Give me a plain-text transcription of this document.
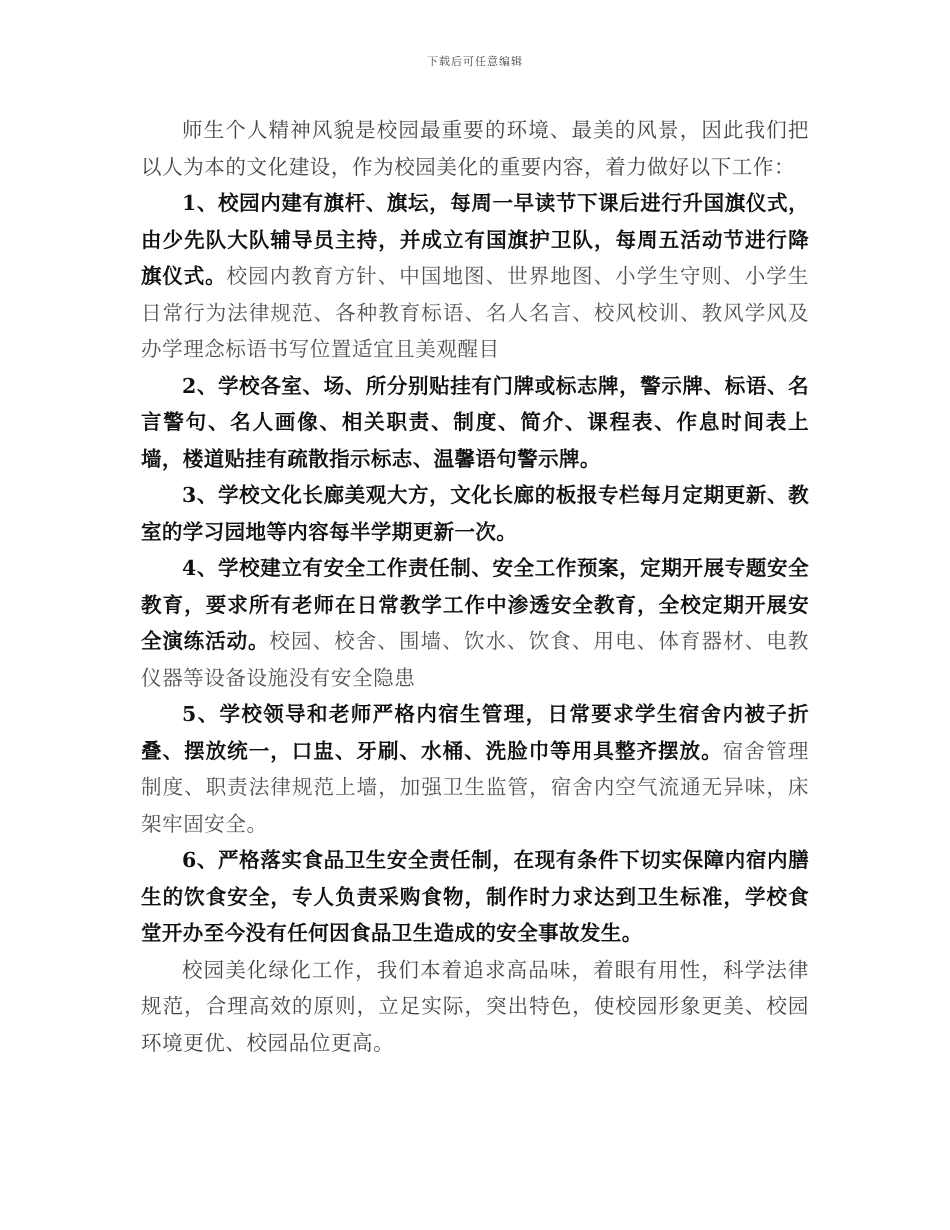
下载后可任意编辑

师生个人精神风貌是校园最重要的环境、最美的风景，因此我们把以人为本的文化建设，作为校园美化的重要内容，着力做好以下工作：

1、校园内建有旗杆、旗坛，每周一早读节下课后进行升国旗仪式，由少先队大队辅导员主持，并成立有国旗护卫队，每周五活动节进行降旗仪式。校园内教育方针、中国地图、世界地图、小学生守则、小学生日常行为法律规范、各种教育标语、名人名言、校风校训、教风学风及办学理念标语书写位置适宜且美观醒目

2、学校各室、场、所分别贴挂有门牌或标志牌，警示牌、标语、名言警句、名人画像、相关职责、制度、简介、课程表、作息时间表上墙，楼道贴挂有疏散指示标志、温馨语句警示牌。

3、学校文化长廊美观大方，文化长廊的板报专栏每月定期更新、教室的学习园地等内容每半学期更新一次。

4、学校建立有安全工作责任制、安全工作预案，定期开展专题安全教育，要求所有老师在日常教学工作中渗透安全教育，全校定期开展安全演练活动。校园、校舍、围墙、饮水、饮食、用电、体育器材、电教仪器等设备设施没有安全隐患

5、学校领导和老师严格内宿生管理，日常要求学生宿舍内被子折叠、摆放统一，口盅、牙刷、水桶、洗脸巾等用具整齐摆放。宿舍管理制度、职责法律规范上墙，加强卫生监管，宿舍内空气流通无异味，床架牢固安全。

6、严格落实食品卫生安全责任制，在现有条件下切实保障内宿内膳生的饮食安全，专人负责采购食物，制作时力求达到卫生标准，学校食堂开办至今没有任何因食品卫生造成的安全事故发生。

校园美化绿化工作，我们本着追求高品味，着眼有用性，科学法律规范，合理高效的原则，立足实际，突出特色，使校园形象更美、校园环境更优、校园品位更高。
